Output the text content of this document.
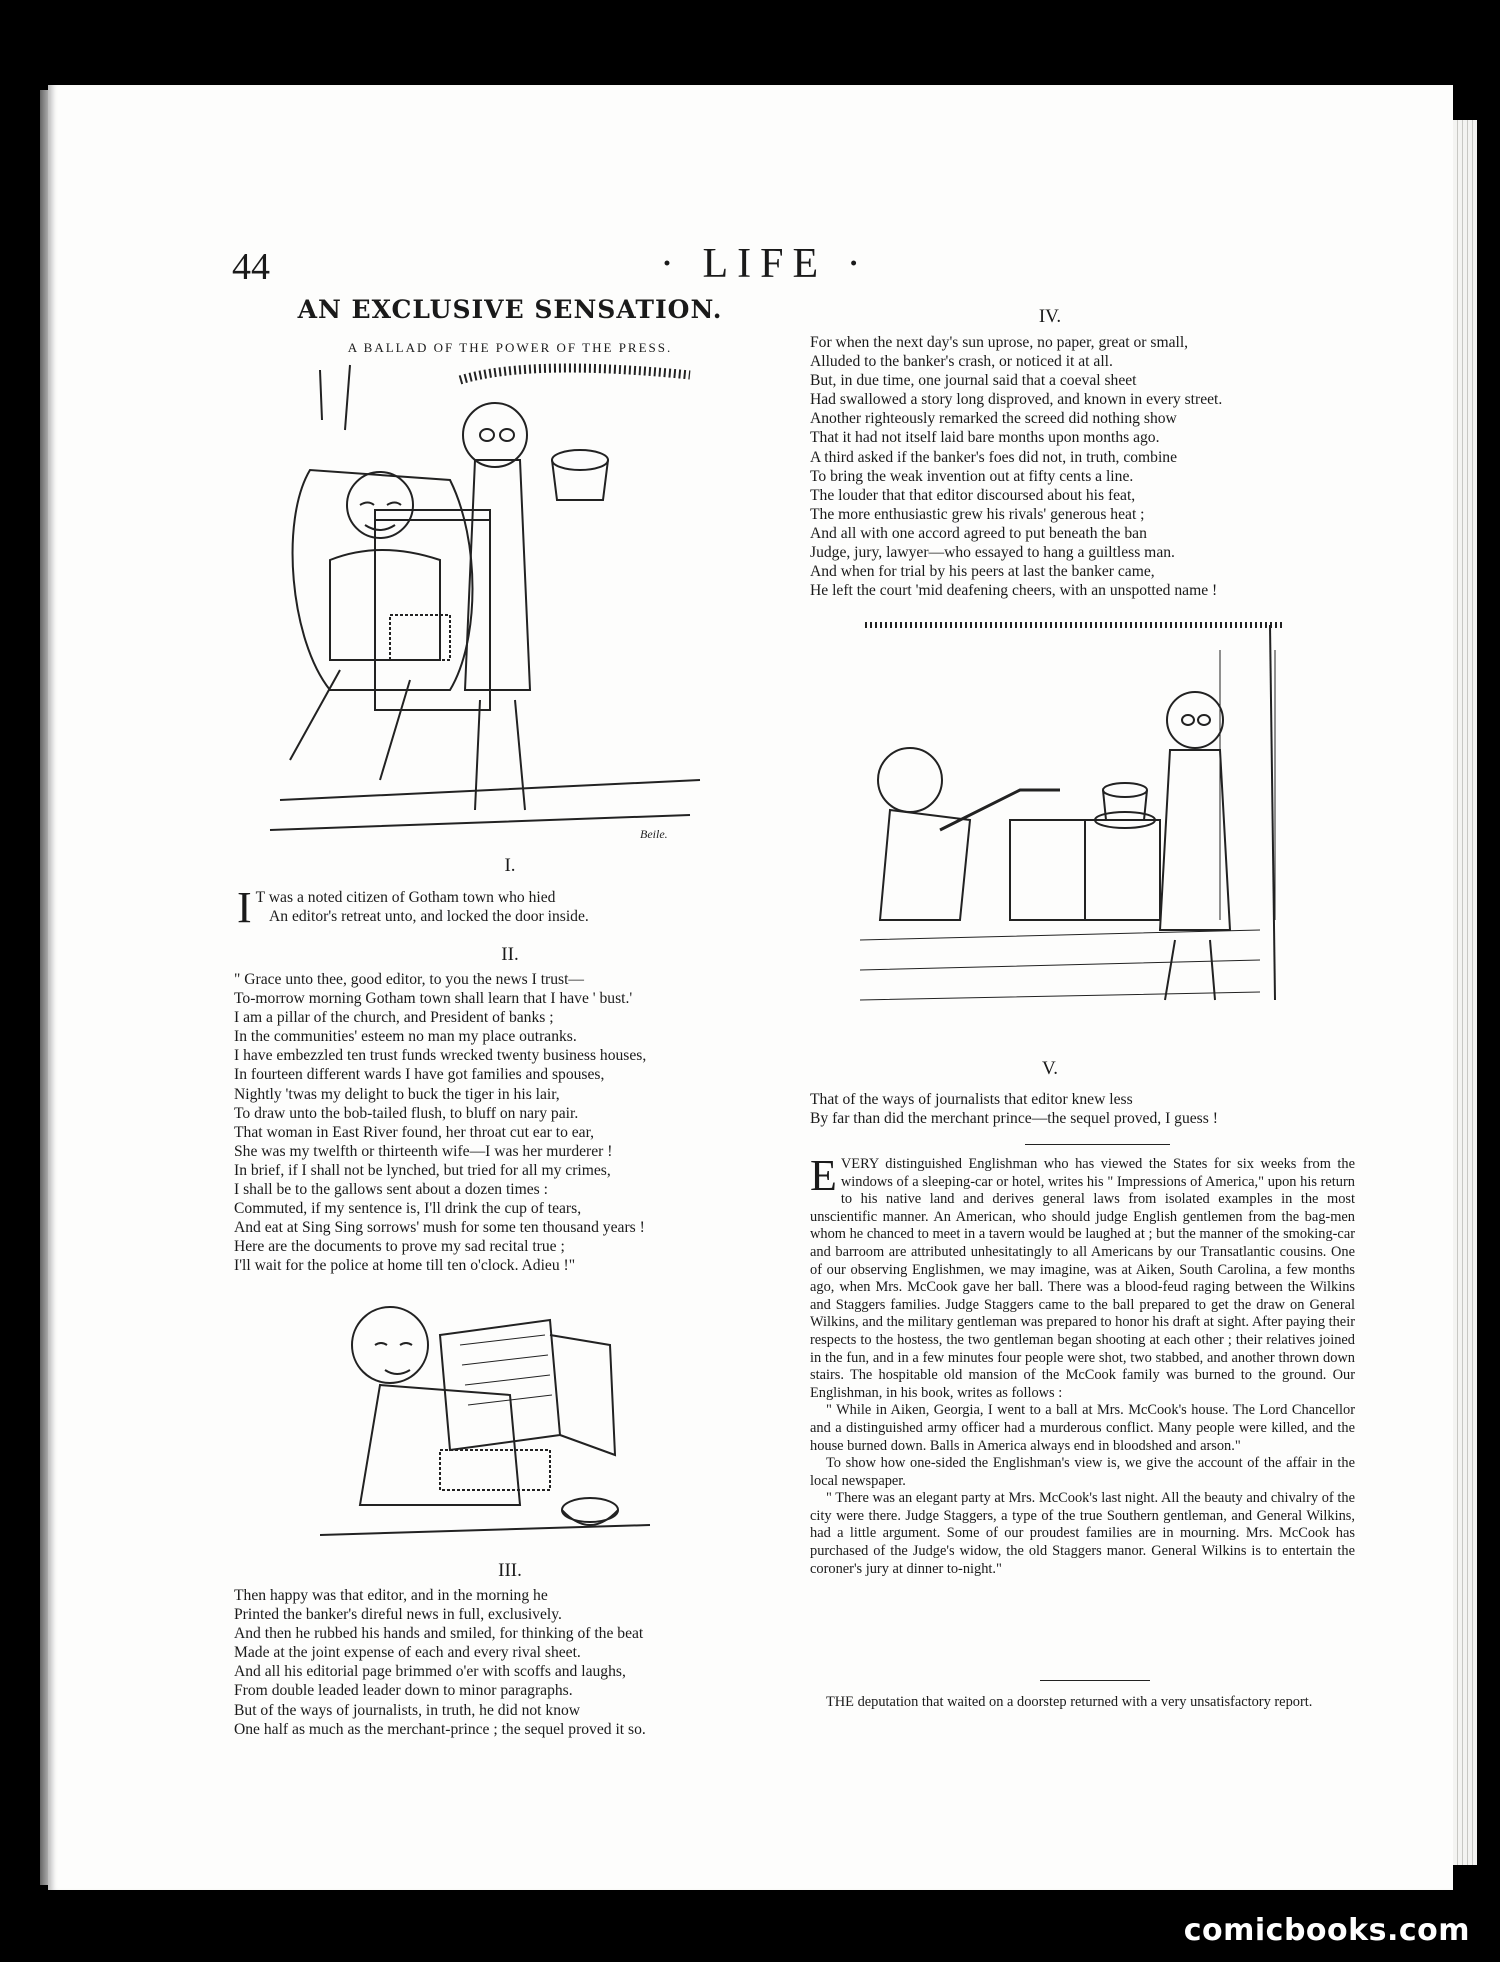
44	· LIFE ·
AN EXCLUSIVE SENSATION.
A BALLAD OF THE POWER OF THE PRESS.
Beile.
I.
I T was a noted citizen of Gotham town who hied
An editor's retreat unto, and locked the door inside.
II.
" Grace unto thee, good editor, to you the news I trust—
To-morrow morning Gotham town shall learn that I have ' bust.'
I am a pillar of the church, and President of banks ;
In the communities' esteem no man my place outranks.
I have embezzled ten trust funds wrecked twenty business houses,
In fourteen different wards I have got families and spouses,
Nightly 'twas my delight to buck the tiger in his lair,
To draw unto the bob-tailed flush, to bluff on nary pair.
That woman in East River found, her throat cut ear to ear,
She was my twelfth or thirteenth wife—I was her murderer !
In brief, if I shall not be lynched, but tried for all my crimes,
I shall be to the gallows sent about a dozen times :
Commuted, if my sentence is, I'll drink the cup of tears,
And eat at Sing Sing sorrows' mush for some ten thousand years !
Here are the documents to prove my sad recital true ;
I'll wait for the police at home till ten o'clock. Adieu !"
III.
Then happy was that editor, and in the morning he
Printed the banker's direful news in full, exclusively.
And then he rubbed his hands and smiled, for thinking of the beat
Made at the joint expense of each and every rival sheet.
And all his editorial page brimmed o'er with scoffs and laughs,
From double leaded leader down to minor paragraphs.
But of the ways of journalists, in truth, he did not know
One half as much as the merchant-prince ; the sequel proved it so.
IV.
For when the next day's sun uprose, no paper, great or small,
Alluded to the banker's crash, or noticed it at all.
But, in due time, one journal said that a coeval sheet
Had swallowed a story long disproved, and known in every street.
Another righteously remarked the screed did nothing show
That it had not itself laid bare months upon months ago.
A third asked if the banker's foes did not, in truth, combine
To bring the weak invention out at fifty cents a line.
The louder that that editor discoursed about his feat,
The more enthusiastic grew his rivals' generous heat ;
And all with one accord agreed to put beneath the ban
Judge, jury, lawyer—who essayed to hang a guiltless man.
And when for trial by his peers at last the banker came,
He left the court 'mid deafening cheers, with an unspotted name !
V.
That of the ways of journalists that editor knew less
By far than did the merchant prince—the sequel proved, I guess !

E VERY distinguished Englishman who has viewed the States for six weeks from the windows of a sleeping-car or hotel, writes his " Impressions of America," upon his return to his native land and derives general laws from isolated examples in the most unscientific manner. An American, who should judge English gentlemen from the bag-men whom he chanced to meet in a tavern would be laughed at ; but the manner of the smoking-car and barroom are attributed unhesitatingly to all Americans by our Transatlantic cousins. One of our observing Englishmen, we may imagine, was at Aiken, South Carolina, a few months ago, when Mrs. McCook gave her ball. There was a blood-feud raging between the Wilkins and Staggers families. Judge Staggers came to the ball prepared to get the draw on General Wilkins, and the military gentleman was prepared to honor his draft at sight. After paying their respects to the hostess, the two gentleman began shooting at each other ; their relatives joined in the fun, and in a few minutes four people were shot, two stabbed, and another thrown down stairs. The hospitable old mansion of the McCook family was burned to the ground. Our Englishman, in his book, writes as follows :

" While in Aiken, Georgia, I went to a ball at Mrs. McCook's house. The Lord Chancellor and a distinguished army officer had a murderous conflict. Many people were killed, and the house burned down. Balls in America always end in bloodshed and arson."

To show how one-sided the Englishman's view is, we give the account of the affair in the local newspaper.

" There was an elegant party at Mrs. McCook's last night. All the beauty and chivalry of the city were there. Judge Staggers, a type of the true Southern gentleman, and General Wilkins, had a little argument. Some of our proudest families are in mourning. Mrs. McCook has purchased of the Judge's widow, the old Staggers manor. General Wilkins is to entertain the coroner's jury at dinner to-night."

THE deputation that waited on a doorstep returned with a very unsatisfactory report.
comicbooks.com
